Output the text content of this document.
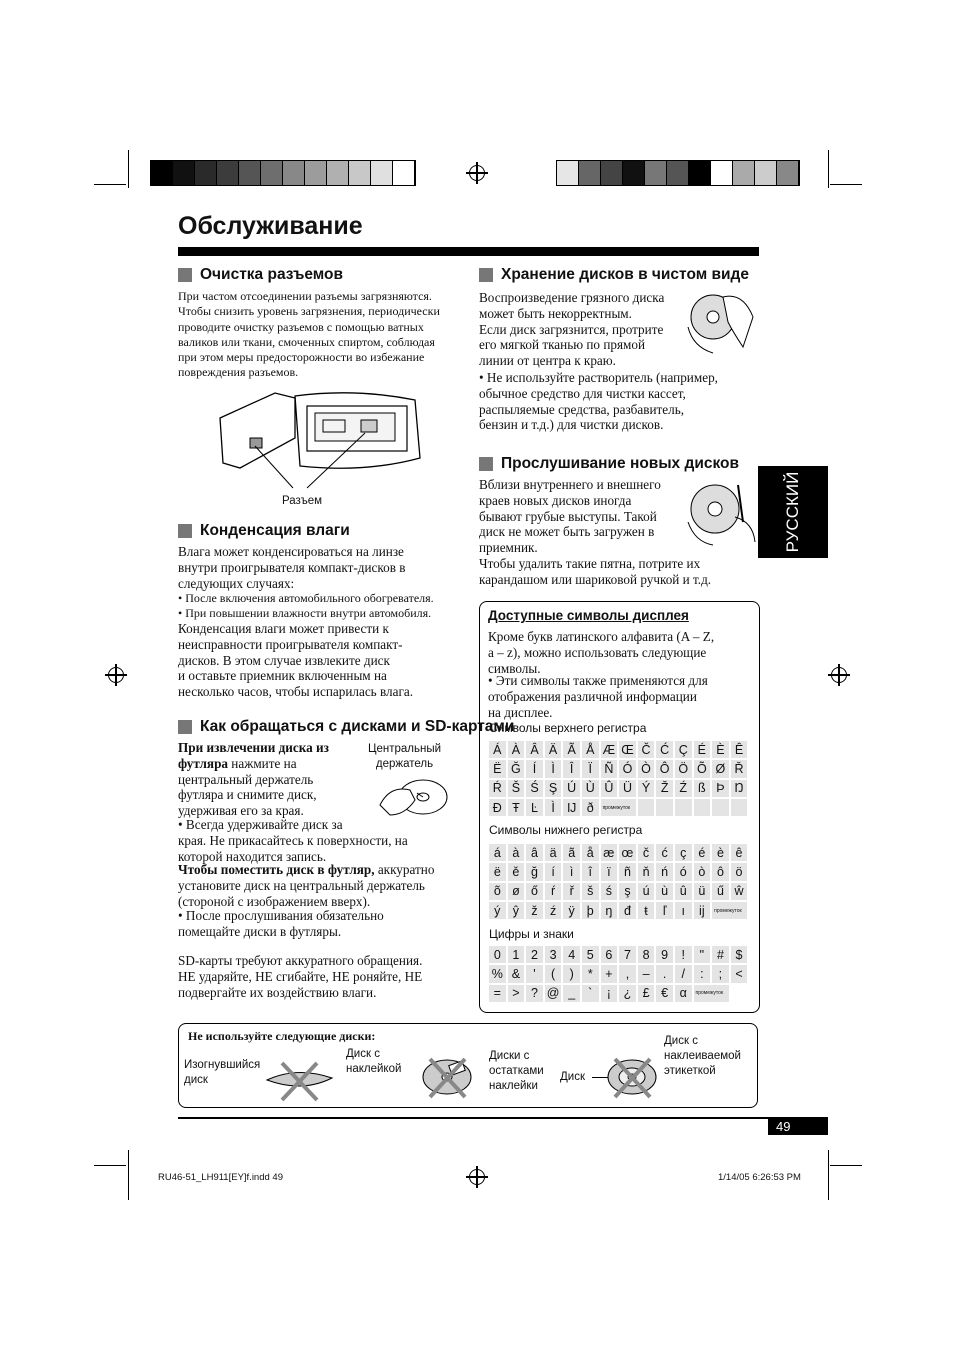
Обслуживание
РУССКИЙ
Очистка разъемов
При частом отсоединении разъемы загрязняются.
Чтобы снизить уровень загрязнения, периодически
проводите очистку разъемов с помощью ватных
валиков или ткани, смоченных спиртом, соблюдая
при этом меры предосторожности во избежание
повреждения разъемов.
Разъем
Конденсация влаги
Влага может конденсироваться на линзе
внутри проигрывателя компакт-дисков в
следующих случаях:
• После включения автомобильного обогревателя.
• При повышении влажности внутри автомобиля.
Конденсация влаги может привести к
неисправности проигрывателя компакт-
дисков. В этом случае извлеките диск
и оставьте приемник включенным на
несколько часов, чтобы испарилась влага.
Как обращаться с дисками и SD-картами
При извлечении диска из
футляра нажмите на
центральный держатель
футляра и снимите диск,
удерживая его за края.
Центральный
держатель
• Всегда удерживайте диск за
края. Не прикасайтесь к поверхности, на
которой находится запись.
Чтобы поместить диск в футляр, аккуратно
установите диск на центральный держатель
(стороной с изображением вверх).
• После прослушивания обязательно
помещайте диски в футляры.
SD-карты требуют аккуратного обращения.
НЕ ударяйте, НЕ сгибайте, НЕ роняйте, НЕ
подвергайте их воздействию влаги.
Хранение дисков в чистом виде
Воспроизведение грязного диска
может быть некорректным.
Если диск загрязнится, протрите
его мягкой тканью по прямой
линии от центра к краю.
• Не используйте растворитель (например,
обычное средство для чистки кассет,
распыляемые средства, разбавитель,
бензин и т.д.) для чистки дисков.
Прослушивание новых дисков
Вблизи внутреннего и внешнего
краев новых дисков иногда
бывают грубые выступы. Такой
диск не может быть загружен в
приемник.
Чтобы удалить такие пятна, потрите их
карандашом или шариковой ручкой и т.д.
Доступные символы дисплея
Кроме букв латинского алфавита (A – Z,
a – z), можно использовать следующие
символы.
• Эти символы также применяются для
отображения различной информации
на дисплее.
Символы верхнего регистра
Á À Â Ä Ã Å Æ Œ Č Ć Ç É È Ê
Ë Ğ Í	Ì	Î	Ï Ñ Ó Ò Ô Ö Õ Ø Ř
Ŕ Š Ś Ş Ú Ù Û Ü Ý Ž Ź ß Þ Ŋ
Đ Ŧ Ŀ	Ì Ĳ ð	промежуток
Символы нижнего регистра
á à â ä ã å æ œ č ć ç é è ê
ë ě ğ	í	ì	î	ï	ñ ň ń ó ò ô ö
õ ø ő	ŕ	ř	š ś ş ú ù û ü ű ŵ
ý ŷ ž ź ÿ þ ŋ đ	ŧ	ľ	ı	ij	промежуток
Цифры и знаки
0 1 2 3 4 5 6 7 8 9	!	"	# $
% &	'	(	)	*	+	,	–	.	/	:	;	<
= > ? @ _	`	¡	¿ £ € α	промежуток
Не используйте следующие диски:
Изогнувшийся
диск
Диск с
наклейкой
Диски с
остатками
наклейки
Диск
Диск с
наклеиваемой
этикеткой
49
RU46-51_LH911[EY]f.indd 49	1/14/05 6:26:53 PM
